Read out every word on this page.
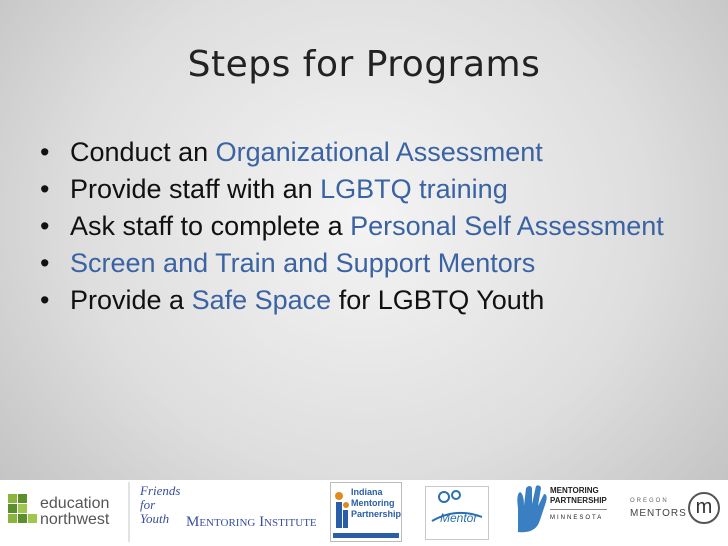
Steps for Programs
• Conduct an Organizational Assessment
• Provide staff with an LGBTQ training
• Ask staff to complete a Personal Self Assessment
• Screen and Train and Support Mentors
• Provide a Safe Space for LGBTQ Youth
education
northwest
Friends for Youth	Mentoring Institute
Indiana
Mentoring
Partnership	Mentor
MENTORING
PARTNERSHIP
MINNESOTA
OREGON
MENTORS m
